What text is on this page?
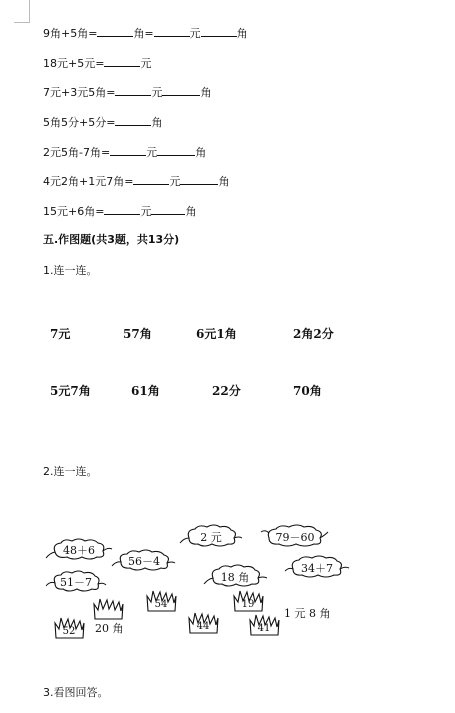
9角+5角=	角=	元	角
18元+5元=	元
7元+3元5角=	元	角
5角5分+5分=	角
2元5角-7角=	元	角
4元2角+1元7角=	元	角
15元+6角=	元	角
五.作图题(共3题，共13分)
1.连一连。
7元	57角	6元1角	2角2分
5元7角	61角	22分	70角
2.连一连。
48＋6
56－4
51－7
2 元
18 角
79－60
34＋7
54	19
52	44	41
20 角
1 元 8 角
3.看图回答。
